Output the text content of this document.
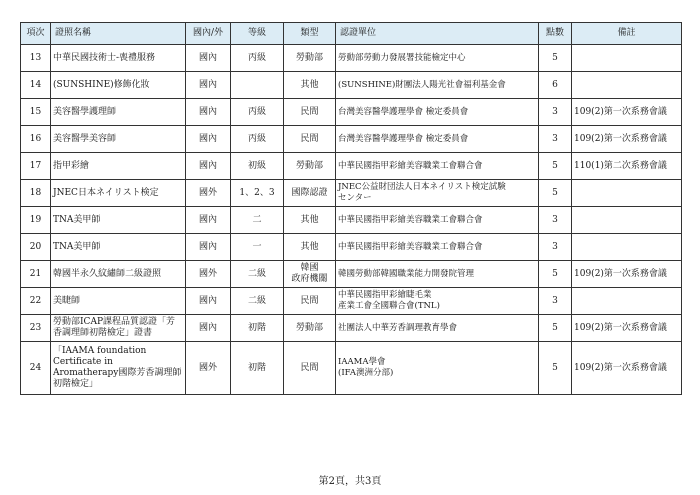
項次	證照名稱	國內/外	等級	類型	認證單位	點數	備註
13	中華民國技術士-喪禮服務	國內	丙級	勞動部	勞動部勞動力發展署技能檢定中心	5	
14	(SUNSHINE)修飾化妝	國內		其他	(SUNSHINE)財團法人陽光社會福利基金會	6	
15	美容醫學護理師	國內	丙級	民間	台灣美容醫學護理學會 檢定委員會	3	109(2)第一次系務會議
16	美容醫學美容師	國內	丙級	民間	台灣美容醫學護理學會 檢定委員會	3	109(2)第一次系務會議
17	指甲彩繪	國內	初級	勞動部	中華民國指甲彩繪美容職業工會聯合會	5	110(1)第二次系務會議
18	JNEC日本ネイリスト検定	國外	1、2、3	國際認證	JNEC公益財団法人日本ネイリスト検定試験
センター	5	
19	TNA美甲師	國內	二	其他	中華民國指甲彩繪美容職業工會聯合會	3	
20	TNA美甲師	國內	一	其他	中華民國指甲彩繪美容職業工會聯合會	3	
21	韓國半永久紋繡師二級證照	國外	二級	韓國
政府機關	韓國勞動部韓國職業能力開發院管理	5	109(2)第一次系務會議
22	美睫師	國內	二級	民間	中華民國指甲彩繪睫毛業
產業工會全國聯合會(TNL)	3	
23	勞動部ICAP課程品質認證「芳
香調理師初階檢定」證書	國內	初階	勞動部	社團法人中華芳香調理教育學會	5	109(2)第一次系務會議
24	「IAAMA foundation
Certificate in
Aromatherapy國際芳香調理師
初階檢定」	國外	初階	民間	IAAMA學會
(IFA澳洲分部)	5	109(2)第一次系務會議
第2頁，共3頁
